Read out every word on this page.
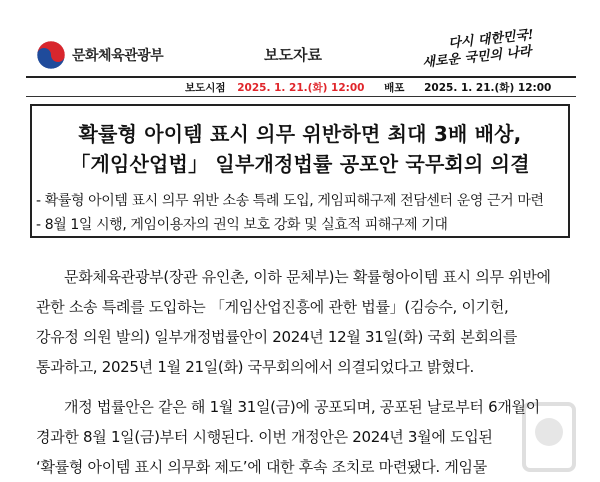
문화체육관광부	보도자료
다시 대한민국!
새로운 국민의 나라
보도시점 2025. 1. 21.(화) 12:00 배포 2025. 1. 21.(화) 12:00
확률형 아이템 표시 의무 위반하면 최대 3배 배상,
「게임산업법」 일부개정법률 공포안 국무회의 의결
- 확률형 아이템 표시 의무 위반 소송 특례 도입, 게임피해구제 전담센터 운영 근거 마련
- 8월 1일 시행, 게임이용자의 권익 보호 강화 및 실효적 피해구제 기대
문화체육관광부(장관 유인촌, 이하 문체부)는 확률형아이템 표시 의무 위반에
관한 소송 특례를 도입하는 「게임산업진흥에 관한 법률」(김승수, 이기헌,
강유정 의원 발의) 일부개정법률안이 2024년 12월 31일(화) 국회 본회의를
통과하고, 2025년 1월 21일(화) 국무회의에서 의결되었다고 밝혔다.
개정 법률안은 같은 해 1월 31일(금)에 공포되며, 공포된 날로부터 6개월이
경과한 8월 1일(금)부터 시행된다. 이번 개정안은 2024년 3월에 도입된
‘확률형 아이템 표시 의무화 제도’에 대한 후속 조치로 마련됐다. 게임물
